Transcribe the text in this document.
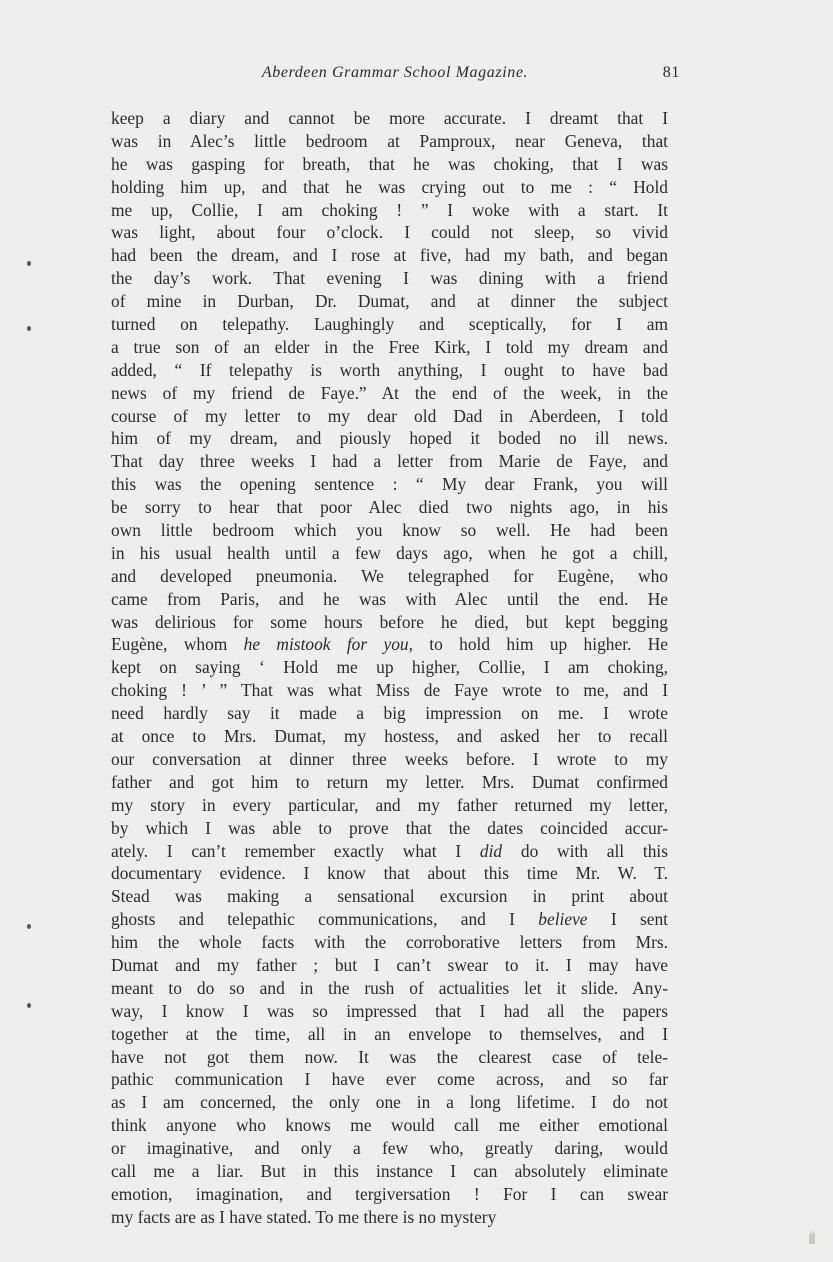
Aberdeen Grammar School Magazine.	81
keep a diary and cannot be more accurate. I dreamt that I
was in Alec’s little bedroom at Pamproux, near Geneva, that
he was gasping for breath, that he was choking, that I was
holding him up, and that he was crying out to me : “ Hold
me up, Collie, I am choking ! ” I woke with a start. It
was light, about four o’clock. I could not sleep, so vivid
had been the dream, and I rose at five, had my bath, and began
the day’s work. That evening I was dining with a friend
of mine in Durban, Dr. Dumat, and at dinner the subject
turned on telepathy. Laughingly and sceptically, for I am
a true son of an elder in the Free Kirk, I told my dream and
added, “ If telepathy is worth anything, I ought to have bad
news of my friend de Faye.” At the end of the week, in the
course of my letter to my dear old Dad in Aberdeen, I told
him of my dream, and piously hoped it boded no ill news.
That day three weeks I had a letter from Marie de Faye, and
this was the opening sentence : “ My dear Frank, you will
be sorry to hear that poor Alec died two nights ago, in his
own little bedroom which you know so well. He had been
in his usual health until a few days ago, when he got a chill,
and developed pneumonia. We telegraphed for Eugène, who
came from Paris, and he was with Alec until the end. He
was delirious for some hours before he died, but kept begging
Eugène, whom he mistook for you, to hold him up higher. He
kept on saying ‘ Hold me up higher, Collie, I am choking,
choking ! ’ ” That was what Miss de Faye wrote to me, and I
need hardly say it made a big impression on me. I wrote
at once to Mrs. Dumat, my hostess, and asked her to recall
our conversation at dinner three weeks before. I wrote to my
father and got him to return my letter. Mrs. Dumat confirmed
my story in every particular, and my father returned my letter,
by which I was able to prove that the dates coincided accur-
ately. I can’t remember exactly what I did do with all this
documentary evidence. I know that about this time Mr. W. T.
Stead was making a sensational excursion in print about
ghosts and telepathic communications, and I believe I sent
him the whole facts with the corroborative letters from Mrs.
Dumat and my father ; but I can’t swear to it. I may have
meant to do so and in the rush of actualities let it slide. Any-
way, I know I was so impressed that I had all the papers
together at the time, all in an envelope to themselves, and I
have not got them now. It was the clearest case of tele-
pathic communication I have ever come across, and so far
as I am concerned, the only one in a long lifetime. I do not
think anyone who knows me would call me either emotional
or imaginative, and only a few who, greatly daring, would
call me a liar. But in this instance I can absolutely eliminate
emotion, imagination, and tergiversation ! For I can swear
my facts are as I have stated. To me there is no mystery
